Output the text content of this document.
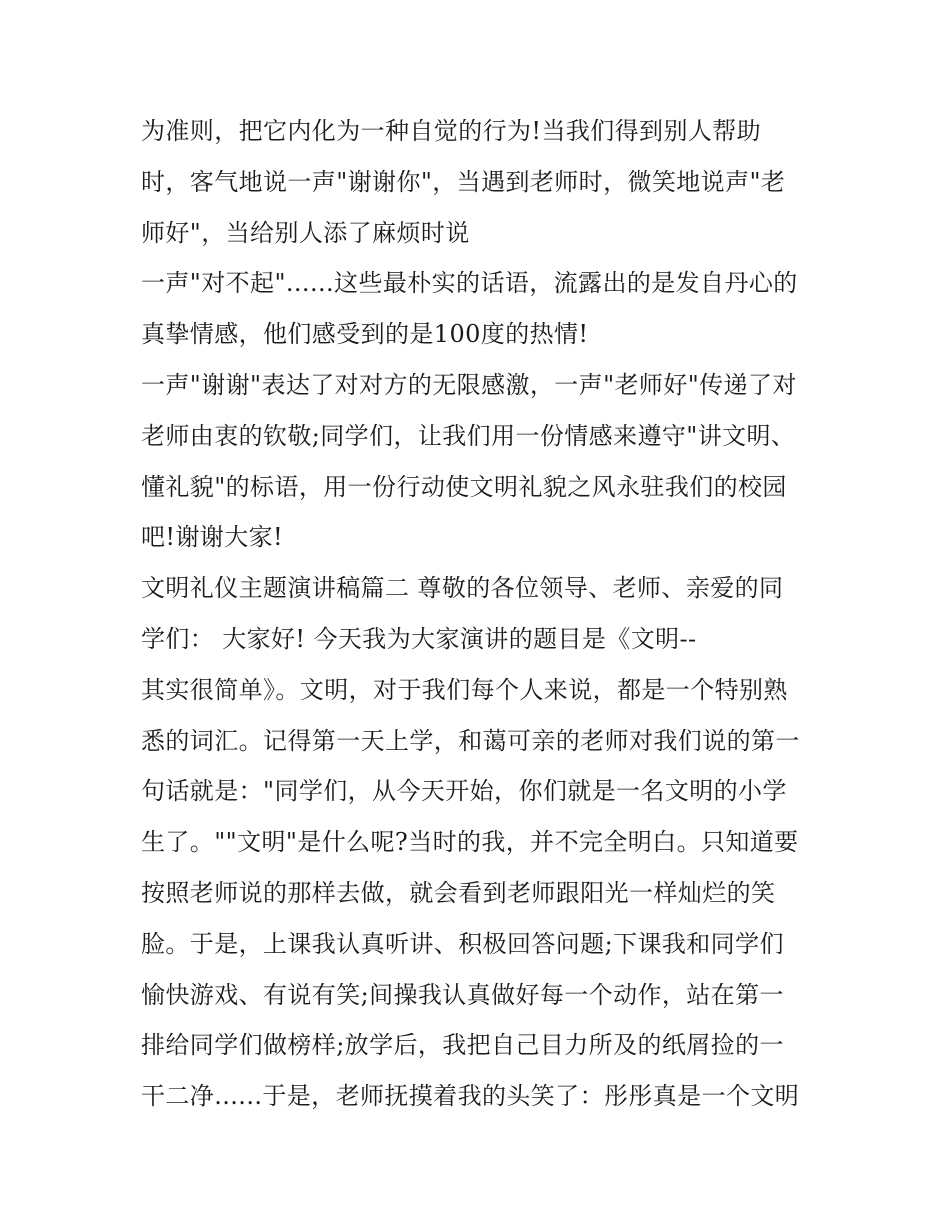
为准则，把它内化为一种自觉的行为!当我们得到别人帮助
时，客气地说一声"谢谢你"，当遇到老师时，微笑地说声"老
师好"，当给别人添了麻烦时说
一声"对不起"......这些最朴实的话语，流露出的是发自丹心的
真挚情感，他们感受到的是100度的热情!
一声"谢谢"表达了对对方的无限感激，一声"老师好"传递了对
老师由衷的钦敬;同学们，让我们用一份情感来遵守"讲文明、
懂礼貌"的标语，用一份行动使文明礼貌之风永驻我们的校园
吧!谢谢大家!
文明礼仪主题演讲稿篇二 尊敬的各位领导、老师、亲爱的同
学们： 大家好! 今天我为大家演讲的题目是《文明--
其实很简单》。文明，对于我们每个人来说，都是一个特别熟
悉的词汇。记得第一天上学，和蔼可亲的老师对我们说的第一
句话就是："同学们，从今天开始，你们就是一名文明的小学
生了。""文明"是什么呢?当时的我，并不完全明白。只知道要
按照老师说的那样去做，就会看到老师跟阳光一样灿烂的笑
脸。于是，上课我认真听讲、积极回答问题;下课我和同学们
愉快游戏、有说有笑;间操我认真做好每一个动作，站在第一
排给同学们做榜样;放学后，我把自己目力所及的纸屑捡的一
干二净......于是，老师抚摸着我的头笑了：彤彤真是一个文明
